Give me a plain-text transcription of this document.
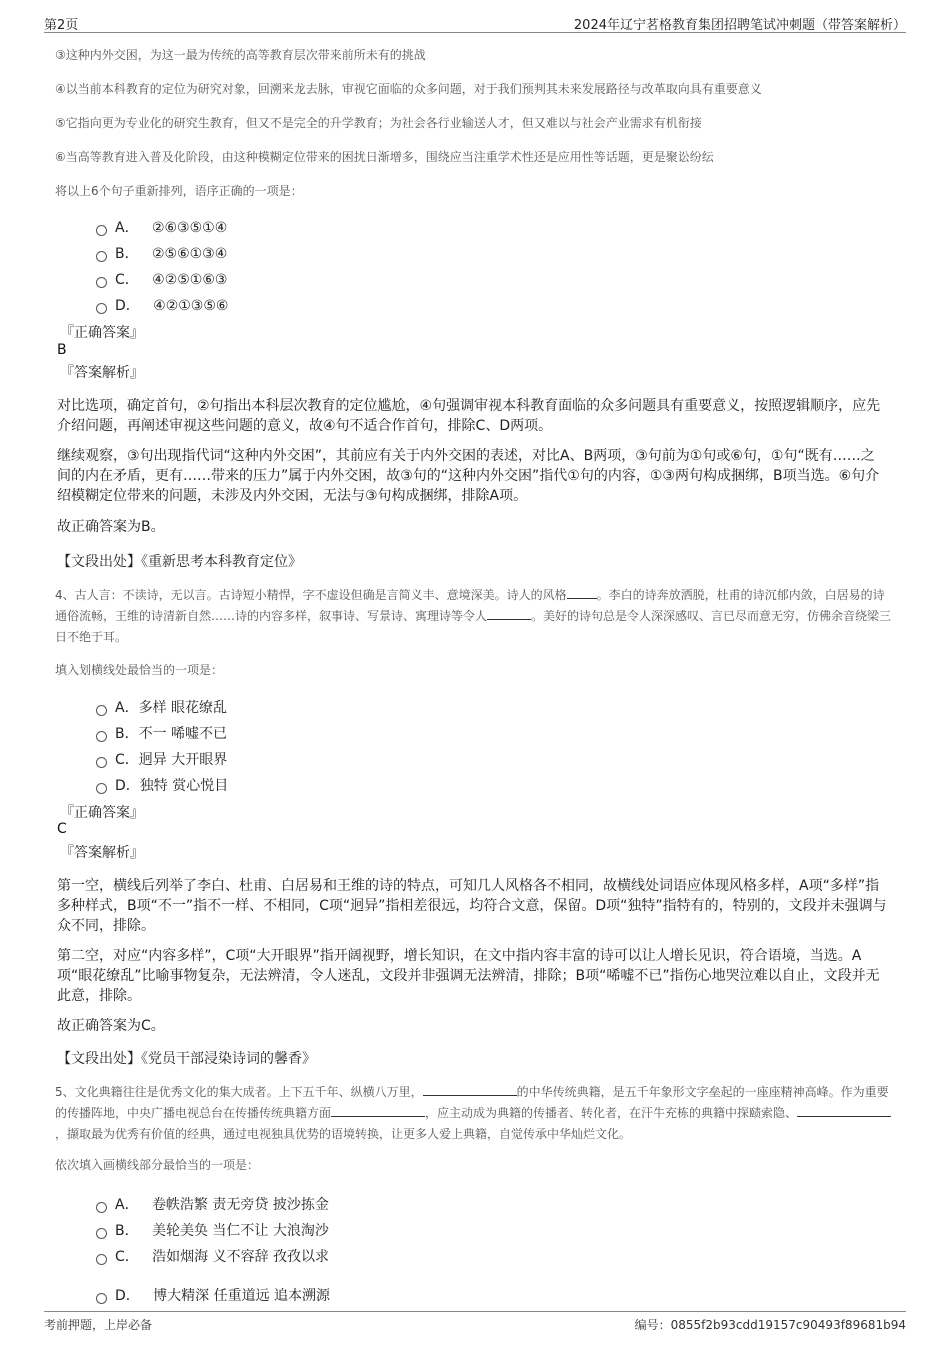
第2页	2024年辽宁茗格教育集团招聘笔试冲刺题（带答案解析）
③这种内外交困，为这一最为传统的高等教育层次带来前所未有的挑战
④以当前本科教育的定位为研究对象，回溯来龙去脉，审视它面临的众多问题，对于我们预判其未来发展路径与改革取向具有重要意义
⑤它指向更为专业化的研究生教育，但又不是完全的升学教育；为社会各行业输送人才，但又难以与社会产业需求有机衔接
⑥当高等教育进入普及化阶段，由这种模糊定位带来的困扰日渐增多，围绕应当注重学术性还是应用性等话题，更是聚讼纷纭
将以上6个句子重新排列，语序正确的一项是：
A． ②⑥③⑤①④
B． ②⑤⑥①③④
C． ④②⑤①⑥③
D． ④②①③⑤⑥
『正确答案』
B
『答案解析』
对比选项，确定首句，②句指出本科层次教育的定位尴尬，④句强调审视本科教育面临的众多问题具有重要意义，按照逻辑顺序，应先介绍问题，再阐述审视这些问题的意义，故④句不适合作首句，排除C、D两项。
继续观察，③句出现指代词“这种内外交困”，其前应有关于内外交困的表述，对比A、B两项，③句前为①句或⑥句，①句“既有……之间的内在矛盾，更有……带来的压力”属于内外交困，故③句的“这种内外交困”指代①句的内容，①③两句构成捆绑，B项当选。⑥句介绍模糊定位带来的问题，未涉及内外交困，无法与③句构成捆绑，排除A项。
故正确答案为B。
【文段出处】《重新思考本科教育定位》
4、古人言：不读诗，无以言。古诗短小精悍，字不虚设但确是言简义丰、意境深美。诗人的风格	。李白的诗奔放洒脱，杜甫的诗沉郁内敛，白居易的诗通俗流畅，王维的诗清新自然……诗的内容多样，叙事诗、写景诗、寓理诗等令人	。美好的诗句总是令人深深感叹、言已尽而意无穷，仿佛余音绕梁三日不绝于耳。
填入划横线处最恰当的一项是：
A．多样 眼花缭乱
B．不一 唏嘘不已
C．迥异 大开眼界
D．独特 赏心悦目
『正确答案』
C
『答案解析』
第一空，横线后列举了李白、杜甫、白居易和王维的诗的特点，可知几人风格各不相同，故横线处词语应体现风格多样，A项“多样”指多种样式，B项“不一”指不一样、不相同，C项“迥异”指相差很远，均符合文意，保留。D项“独特”指特有的，特别的，文段并未强调与众不同，排除。
第二空，对应“内容多样”，C项“大开眼界”指开阔视野，增长知识，在文中指内容丰富的诗可以让人增长见识，符合语境，当选。A项“眼花缭乱”比喻事物复杂，无法辨清，令人迷乱，文段并非强调无法辨清，排除；B项“唏嘘不已”指伤心地哭泣难以自止，文段并无此意，排除。
故正确答案为C。
【文段出处】《党员干部浸染诗词的馨香》
5、文化典籍往往是优秀文化的集大成者。上下五千年、纵横八万里，	的中华传统典籍，是五千年象形文字垒起的一座座精神高峰。作为重要的传播阵地，中央广播电视总台在传播传统典籍方面	，应主动成为典籍的传播者、转化者，在汗牛充栋的典籍中探赜索隐、，撷取最为优秀有价值的经典，通过电视独具优势的语境转换，让更多人爱上典籍，自觉传承中华灿烂文化。
依次填入画横线部分最恰当的一项是：
A． 卷帙浩繁 责无旁贷 披沙拣金
B． 美轮美奂 当仁不让 大浪淘沙
C． 浩如烟海 义不容辞 孜孜以求
D． 博大精深 任重道远 追本溯源
考前押题，上岸必备	编号：0855f2b93cdd19157c90493f89681b94
